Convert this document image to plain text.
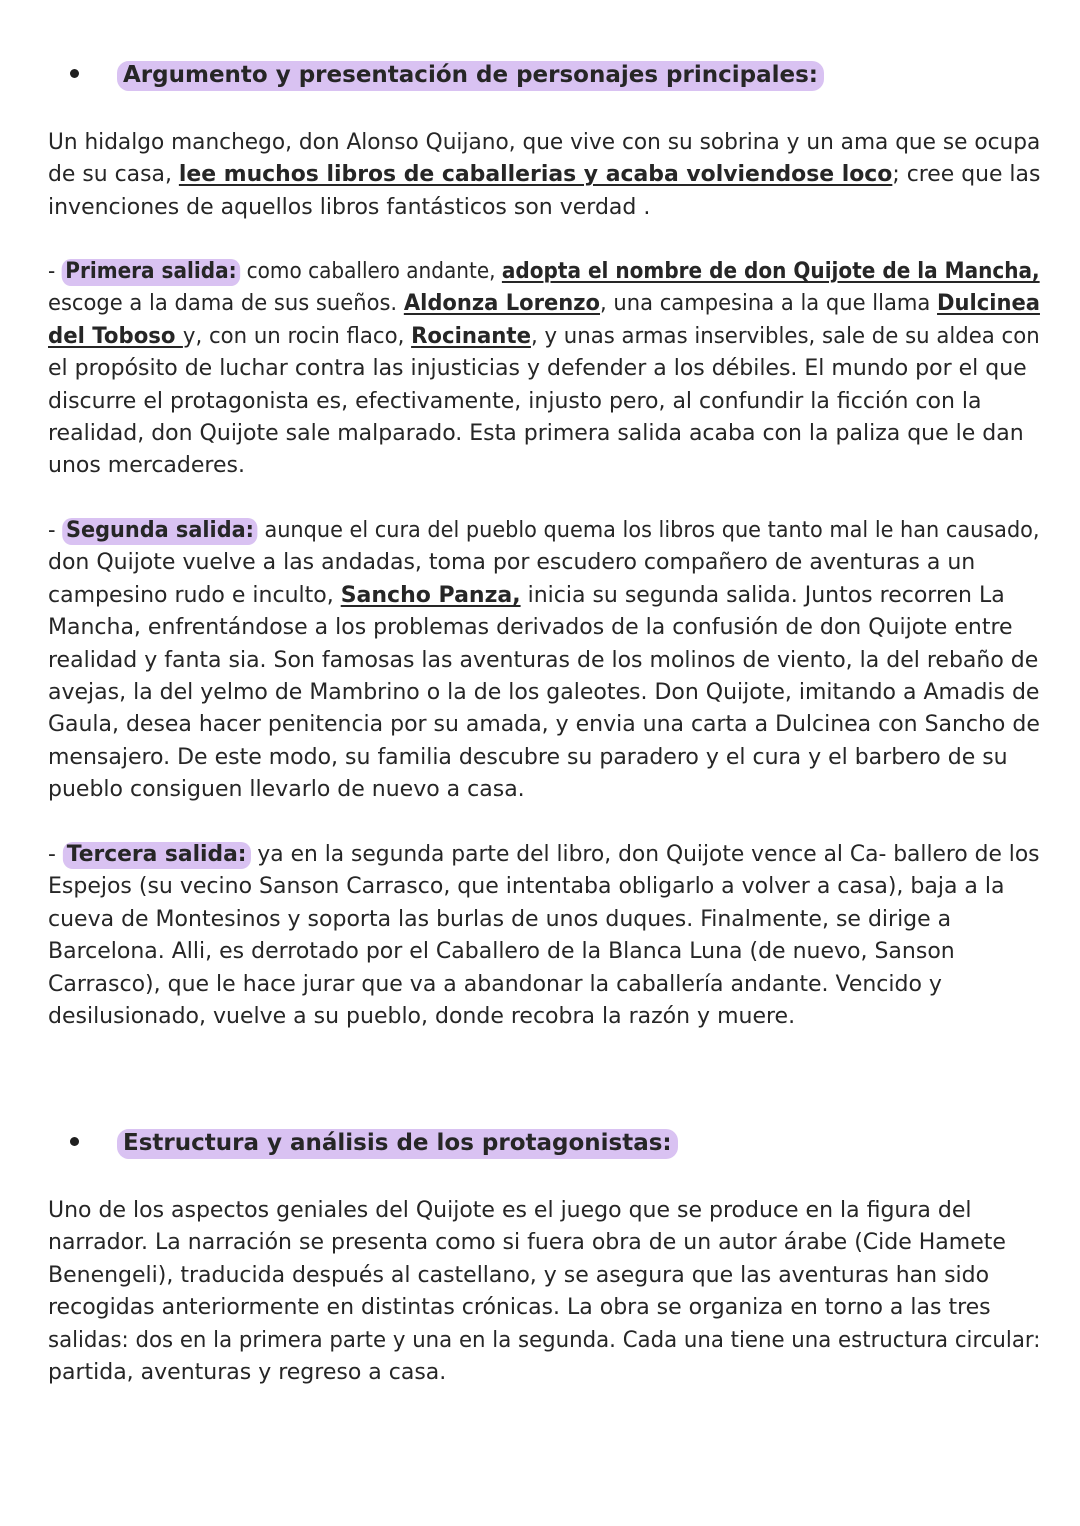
Argumento y presentación de personajes principales:

Un hidalgo manchego, don Alonso Quijano, que vive con su sobrina y un ama que se ocupa
de su casa, lee muchos libros de caballerias y acaba volviendose loco; cree que las
invenciones de aquellos libros fantásticos son verdad .

- Primera salida: como caballero andante, adopta el nombre de don Quijote de la Mancha,
escoge a la dama de sus sueños. Aldonza Lorenzo, una campesina a la que llama Dulcinea
del Toboso y, con un rocin flaco, Rocinante, y unas armas inservibles, sale de su aldea con
el propósito de luchar contra las injusticias y defender a los débiles. El mundo por el que
discurre el protagonista es, efectivamente, injusto pero, al confundir la ficción con la
realidad, don Quijote sale malparado. Esta primera salida acaba con la paliza que le dan
unos mercaderes.

- Segunda salida: aunque el cura del pueblo quema los libros que tanto mal le han causado,
don Quijote vuelve a las andadas, toma por escudero compañero de aventuras a un
campesino rudo e inculto, Sancho Panza, inicia su segunda salida. Juntos recorren La
Mancha, enfrentándose a los problemas derivados de la confusión de don Quijote entre
realidad y fanta sia. Son famosas las aventuras de los molinos de viento, la del rebaño de
avejas, la del yelmo de Mambrino o la de los galeotes. Don Quijote, imitando a Amadis de
Gaula, desea hacer penitencia por su amada, y envia una carta a Dulcinea con Sancho de
mensajero. De este modo, su familia descubre su paradero y el cura y el barbero de su
pueblo consiguen llevarlo de nuevo a casa.

- Tercera salida: ya en la segunda parte del libro, don Quijote vence al Ca- ballero de los
Espejos (su vecino Sanson Carrasco, que intentaba obligarlo a volver a casa), baja a la
cueva de Montesinos y soporta las burlas de unos duques. Finalmente, se dirige a
Barcelona. Alli, es derrotado por el Caballero de la Blanca Luna (de nuevo, Sanson
Carrasco), que le hace jurar que va a abandonar la caballería andante. Vencido y
desilusionado, vuelve a su pueblo, donde recobra la razón y muere.

Estructura y análisis de los protagonistas:

Uno de los aspectos geniales del Quijote es el juego que se produce en la figura del
narrador. La narración se presenta como si fuera obra de un autor árabe (Cide Hamete
Benengeli), traducida después al castellano, y se asegura que las aventuras han sido
recogidas anteriormente en distintas crónicas. La obra se organiza en torno a las tres
salidas: dos en la primera parte y una en la segunda. Cada una tiene una estructura circular:
partida, aventuras y regreso a casa.
